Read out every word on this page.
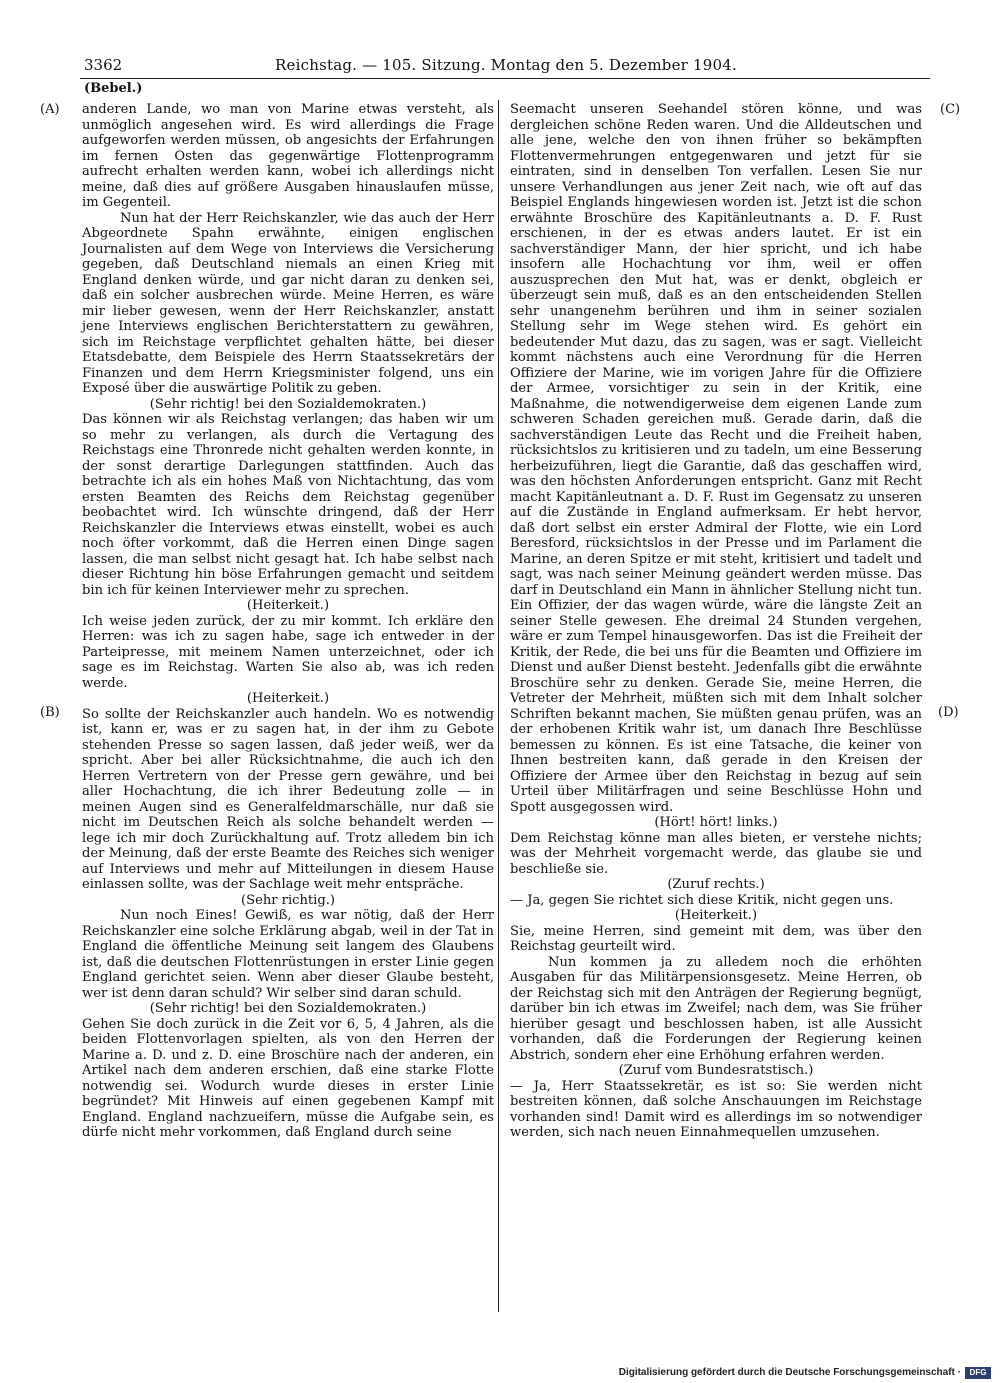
3362	Reichstag. — 105. Sitzung. Montag den 5. Dezember 1904.
(Bebel.)

anderen Lande, wo man von Marine etwas versteht, als unmöglich angesehen wird. Es wird allerdings die Frage aufgeworfen werden müssen, ob angesichts der Erfahrungen im fernen Osten das gegenwärtige Flottenprogramm aufrecht erhalten werden kann, wobei ich allerdings nicht meine, daß dies auf größere Ausgaben hinauslaufen müsse, im Gegenteil.

Nun hat der Herr Reichskanzler, wie das auch der Herr Abgeordnete Spahn erwähnte, einigen englischen Journalisten auf dem Wege von Interviews die Versicherung gegeben, daß Deutschland niemals an einen Krieg mit England denken würde, und gar nicht daran zu denken sei, daß ein solcher ausbrechen würde. Meine Herren, es wäre mir lieber gewesen, wenn der Herr Reichskanzler, anstatt jene Interviews englischen Berichterstattern zu gewähren, sich im Reichstage verpflichtet gehalten hätte, bei dieser Etatsdebatte, dem Beispiele des Herrn Staatssekretärs der Finanzen und dem Herrn Kriegsminister folgend, uns ein Exposé über die auswärtige Politik zu geben.

(Sehr richtig! bei den Sozialdemokraten.)

Das können wir als Reichstag verlangen; das haben wir um so mehr zu verlangen, als durch die Vertagung des Reichstags eine Thronrede nicht gehalten werden konnte, in der sonst derartige Darlegungen stattfinden. Auch das betrachte ich als ein hohes Maß von Nichtachtung, das vom ersten Beamten des Reichs dem Reichstag gegenüber beobachtet wird. Ich wünschte dringend, daß der Herr Reichskanzler die Interviews etwas einstellt, wobei es auch noch öfter vorkommt, daß die Herren einen Dinge sagen lassen, die man selbst nicht gesagt hat. Ich habe selbst nach dieser Richtung hin böse Erfahrungen gemacht und seitdem bin ich für keinen Interviewer mehr zu sprechen.

(Heiterkeit.)

Ich weise jeden zurück, der zu mir kommt. Ich erkläre den Herren: was ich zu sagen habe, sage ich entweder in der Parteipresse, mit meinem Namen unterzeichnet, oder ich sage es im Reichstag. Warten Sie also ab, was ich reden werde.

(Heiterkeit.)

So sollte der Reichskanzler auch handeln. Wo es notwendig ist, kann er, was er zu sagen hat, in der ihm zu Gebote stehenden Presse so sagen lassen, daß jeder weiß, wer da spricht. Aber bei aller Rücksichtnahme, die auch ich den Herren Vertretern von der Presse gern gewähre, und bei aller Hochachtung, die ich ihrer Bedeutung zolle — in meinen Augen sind es Generalfeldmarschälle, nur daß sie nicht im Deutschen Reich als solche behandelt werden — lege ich mir doch Zurückhaltung auf. Trotz alledem bin ich der Meinung, daß der erste Beamte des Reiches sich weniger auf Interviews und mehr auf Mitteilungen in diesem Hause einlassen sollte, was der Sachlage weit mehr entspräche.

(Sehr richtig.)

Nun noch Eines! Gewiß, es war nötig, daß der Herr Reichskanzler eine solche Erklärung abgab, weil in der Tat in England die öffentliche Meinung seit langem des Glaubens ist, daß die deutschen Flottenrüstungen in erster Linie gegen England gerichtet seien. Wenn aber dieser Glaube besteht, wer ist denn daran schuld? Wir selber sind daran schuld.

(Sehr richtig! bei den Sozialdemokraten.)

Gehen Sie doch zurück in die Zeit vor 6, 5, 4 Jahren, als die beiden Flottenvorlagen spielten, als von den Herren der Marine a. D. und z. D. eine Broschüre nach der anderen, ein Artikel nach dem anderen erschien, daß eine starke Flotte notwendig sei. Wodurch wurde dieses in erster Linie begründet? Mit Hinweis auf einen gegebenen Kampf mit England. England nachzueifern, müsse die Aufgabe sein, es dürfe nicht mehr vorkommen, daß England durch seine

Seemacht unseren Seehandel stören könne, und was dergleichen schöne Reden waren. Und die Alldeutschen und alle jene, welche den von ihnen früher so bekämpften Flottenvermehrungen entgegenwaren und jetzt für sie eintraten, sind in denselben Ton verfallen. Lesen Sie nur unsere Verhandlungen aus jener Zeit nach, wie oft auf das Beispiel Englands hingewiesen worden ist. Jetzt ist die schon erwähnte Broschüre des Kapitänleutnants a. D. F. Rust erschienen, in der es etwas anders lautet. Er ist ein sachverständiger Mann, der hier spricht, und ich habe insofern alle Hochachtung vor ihm, weil er offen auszusprechen den Mut hat, was er denkt, obgleich er überzeugt sein muß, daß es an den entscheidenden Stellen sehr unangenehm berühren und ihm in seiner sozialen Stellung sehr im Wege stehen wird. Es gehört ein bedeutender Mut dazu, das zu sagen, was er sagt. Vielleicht kommt nächstens auch eine Verordnung für die Herren Offiziere der Marine, wie im vorigen Jahre für die Offiziere der Armee, vorsichtiger zu sein in der Kritik, eine Maßnahme, die notwendigerweise dem eigenen Lande zum schweren Schaden gereichen muß. Gerade darin, daß die sachverständigen Leute das Recht und die Freiheit haben, rücksichtslos zu kritisieren und zu tadeln, um eine Besserung herbeizuführen, liegt die Garantie, daß das geschaffen wird, was den höchsten Anforderungen entspricht. Ganz mit Recht macht Kapitänleutnant a. D. F. Rust im Gegensatz zu unseren auf die Zustände in England aufmerksam. Er hebt hervor, daß dort selbst ein erster Admiral der Flotte, wie ein Lord Beresford, rücksichtslos in der Presse und im Parlament die Marine, an deren Spitze er mit steht, kritisiert und tadelt und sagt, was nach seiner Meinung geändert werden müsse. Das darf in Deutschland ein Mann in ähnlicher Stellung nicht tun. Ein Offizier, der das wagen würde, wäre die längste Zeit an seiner Stelle gewesen. Ehe dreimal 24 Stunden vergehen, wäre er zum Tempel hinausgeworfen. Das ist die Freiheit der Kritik, der Rede, die bei uns für die Beamten und Offiziere im Dienst und außer Dienst besteht. Jedenfalls gibt die erwähnte Broschüre sehr zu denken. Gerade Sie, meine Herren, die Vetreter der Mehrheit, müßten sich mit dem Inhalt solcher Schriften bekannt machen, Sie müßten genau prüfen, was an der erhobenen Kritik wahr ist, um danach Ihre Beschlüsse bemessen zu können. Es ist eine Tatsache, die keiner von Ihnen bestreiten kann, daß gerade in den Kreisen der Offiziere der Armee über den Reichstag in bezug auf sein Urteil über Militärfragen und seine Beschlüsse Hohn und Spott ausgegossen wird.

(Hört! hört! links.)

Dem Reichstag könne man alles bieten, er verstehe nichts; was der Mehrheit vorgemacht werde, das glaube sie und beschließe sie.

(Zuruf rechts.)

— Ja, gegen Sie richtet sich diese Kritik, nicht gegen uns.

(Heiterkeit.)

Sie, meine Herren, sind gemeint mit dem, was über den Reichstag geurteilt wird.

Nun kommen ja zu alledem noch die erhöhten Ausgaben für das Militärpensionsgesetz. Meine Herren, ob der Reichstag sich mit den Anträgen der Regierung begnügt, darüber bin ich etwas im Zweifel; nach dem, was Sie früher hierüber gesagt und beschlossen haben, ist alle Aussicht vorhanden, daß die Forderungen der Regierung keinen Abstrich, sondern eher eine Erhöhung erfahren werden.

(Zuruf vom Bundesratstisch.)

— Ja, Herr Staatssekretär, es ist so: Sie werden nicht bestreiten können, daß solche Anschauungen im Reichstage vorhanden sind! Damit wird es allerdings im so notwendiger werden, sich nach neuen Einnahmequellen umzusehen.

(A)
(B)
(C)
(D)
Digitalisierung gefördert durch die Deutsche Forschungsgemeinschaft ·	DFG
